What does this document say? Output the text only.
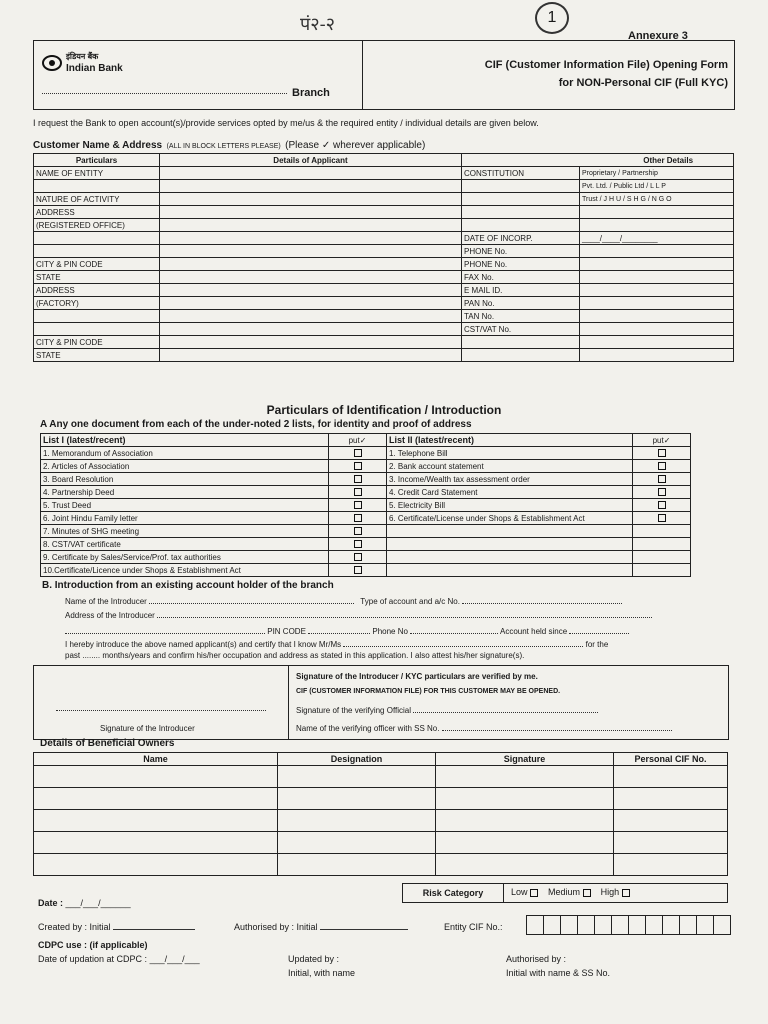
पं२-२	1
Annexure 3
इंडियन बैंक
Indian Bank
Branch
CIF (Customer Information File) Opening Form
for NON-Personal CIF (Full KYC)
I request the Bank to open account(s)/provide services opted by me/us & the required entity / individual details are given below.
Customer Name & Address (ALL IN BLOCK LETTERS PLEASE) (Please ✓ wherever applicable)
Particulars	Details of Applicant	Other Details	
NAME OF ENTITY		CONSTITUTION	Proprietary / Partnership
			Pvt. Ltd. / Public Ltd / L L P
NATURE OF ACTIVITY			Trust / J H U / S H G / N G O
ADDRESS			
(REGISTERED OFFICE)			
		DATE OF INCORP.	____/____/________
		PHONE No.	
CITY & PIN CODE		PHONE No.	
STATE		FAX No.	
ADDRESS		E MAIL ID.	
(FACTORY)		PAN No.	
		TAN No.	
		CST/VAT No.	
CITY & PIN CODE			
STATE			
Particulars of Identification / Introduction
A Any one document from each of the under-noted 2 lists, for identity and proof of address
List I (latest/recent)	put✓	List II (latest/recent)	put✓
1. Memorandum of Association		1. Telephone Bill	
2. Articles of Association		2. Bank account statement	
3. Board Resolution		3. Income/Wealth tax assessment order	
4. Partnership Deed		4. Credit Card Statement	
5. Trust Deed		5. Electricity Bill	
6. Joint Hindu Family letter		6. Certificate/License under Shops & Establishment Act	
7. Minutes of SHG meeting			
8. CST/VAT certificate			
9. Certificate by Sales/Service/Prof. tax authorities			
10.Certificate/Licence under Shops & Establishment Act			
B. Introduction from an existing account holder of the branch
Name of the Introducer	Type of account and a/c No.
Address of the Introducer
PIN CODE	Phone No	Account held since
I hereby introduce the above named applicant(s) and certify that I know Mr/Ms	for the
past ........ months/years and confirm his/her occupation and address as stated in this application. I also attest his/her signature(s).
Signature of the Introducer
Signature of the Introducer / KYC particulars are verified by me.
CIF (CUSTOMER INFORMATION FILE) FOR THIS CUSTOMER MAY BE OPENED.
Signature of the verifying Official
Name of the verifying officer with SS No.
Details of Beneficial Owners
Name	Designation	Signature	Personal CIF No.

Risk Category	Low Medium High
Date : ___/___/______
Created by : Initial	Authorised by : Initial	Entity CIF No.:
CDPC use : (if applicable)
Date of updation at CDPC : ___/___/___	Updated by :
Initial, with name
Authorised by :
Initial with name & SS No.
